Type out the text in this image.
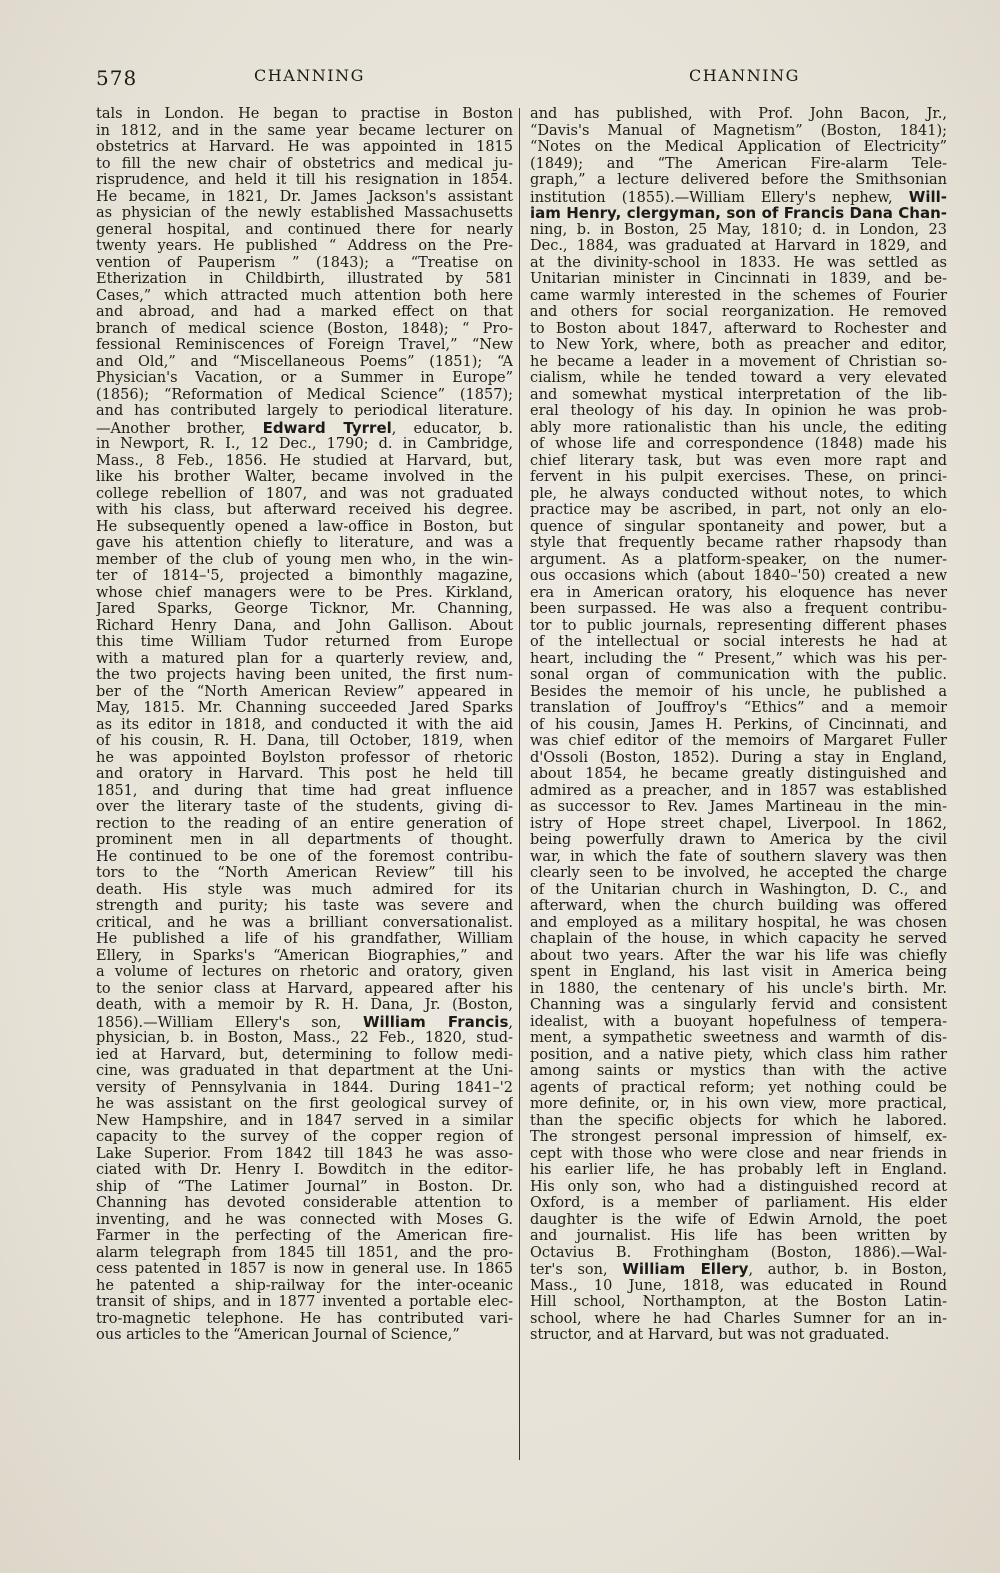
578	CHANNING	CHANNING
tals in London. He began to practise in Boston
in 1812, and in the same year became lecturer on
obstetrics at Harvard. He was appointed in 1815
to fill the new chair of obstetrics and medical ju-
risprudence, and held it till his resignation in 1854.
He became, in 1821, Dr. James Jackson's assistant
as physician of the newly established Massachusetts
general hospital, and continued there for nearly
twenty years. He published “ Address on the Pre-
vention of Pauperism ” (1843); a “Treatise on
Etherization in Childbirth, illustrated by 581
Cases,” which attracted much attention both here
and abroad, and had a marked effect on that
branch of medical science (Boston, 1848); “ Pro-
fessional Reminiscences of Foreign Travel,” “New
and Old,” and “Miscellaneous Poems” (1851); “A
Physician's Vacation, or a Summer in Europe”
(1856); “Reformation of Medical Science” (1857);
and has contributed largely to periodical literature.
—Another brother, Edward Tyrrel, educator, b.
in Newport, R. I., 12 Dec., 1790; d. in Cambridge,
Mass., 8 Feb., 1856. He studied at Harvard, but,
like his brother Walter, became involved in the
college rebellion of 1807, and was not graduated
with his class, but afterward received his degree.
He subsequently opened a law-office in Boston, but
gave his attention chiefly to literature, and was a
member of the club of young men who, in the win-
ter of 1814–'5, projected a bimonthly magazine,
whose chief managers were to be Pres. Kirkland,
Jared Sparks, George Ticknor, Mr. Channing,
Richard Henry Dana, and John Gallison. About
this time William Tudor returned from Europe
with a matured plan for a quarterly review, and,
the two projects having been united, the first num-
ber of the “North American Review” appeared in
May, 1815. Mr. Channing succeeded Jared Sparks
as its editor in 1818, and conducted it with the aid
of his cousin, R. H. Dana, till October, 1819, when
he was appointed Boylston professor of rhetoric
and oratory in Harvard. This post he held till
1851, and during that time had great influence
over the literary taste of the students, giving di-
rection to the reading of an entire generation of
prominent men in all departments of thought.
He continued to be one of the foremost contribu-
tors to the “North American Review” till his
death. His style was much admired for its
strength and purity; his taste was severe and
critical, and he was a brilliant conversationalist.
He published a life of his grandfather, William
Ellery, in Sparks's “American Biographies,” and
a volume of lectures on rhetoric and oratory, given
to the senior class at Harvard, appeared after his
death, with a memoir by R. H. Dana, Jr. (Boston,
1856).—William Ellery's son, William Francis,
physician, b. in Boston, Mass., 22 Feb., 1820, stud-
ied at Harvard, but, determining to follow medi-
cine, was graduated in that department at the Uni-
versity of Pennsylvania in 1844. During 1841–'2
he was assistant on the first geological survey of
New Hampshire, and in 1847 served in a similar
capacity to the survey of the copper region of
Lake Superior. From 1842 till 1843 he was asso-
ciated with Dr. Henry I. Bowditch in the editor-
ship of “The Latimer Journal” in Boston. Dr.
Channing has devoted considerable attention to
inventing, and he was connected with Moses G.
Farmer in the perfecting of the American fire-
alarm telegraph from 1845 till 1851, and the pro-
cess patented in 1857 is now in general use. In 1865
he patented a ship-railway for the inter-oceanic
transit of ships, and in 1877 invented a portable elec-
tro-magnetic telephone. He has contributed vari-
ous articles to the “American Journal of Science,”
and has published, with Prof. John Bacon, Jr.,
“Davis's Manual of Magnetism” (Boston, 1841);
“Notes on the Medical Application of Electricity”
(1849); and “The American Fire-alarm Tele-
graph,” a lecture delivered before the Smithsonian
institution (1855).—William Ellery's nephew, Will-
iam Henry, clergyman, son of Francis Dana Chan-
ning, b. in Boston, 25 May, 1810; d. in London, 23
Dec., 1884, was graduated at Harvard in 1829, and
at the divinity-school in 1833. He was settled as
Unitarian minister in Cincinnati in 1839, and be-
came warmly interested in the schemes of Fourier
and others for social reorganization. He removed
to Boston about 1847, afterward to Rochester and
to New York, where, both as preacher and editor,
he became a leader in a movement of Christian so-
cialism, while he tended toward a very elevated
and somewhat mystical interpretation of the lib-
eral theology of his day. In opinion he was prob-
ably more rationalistic than his uncle, the editing
of whose life and correspondence (1848) made his
chief literary task, but was even more rapt and
fervent in his pulpit exercises. These, on princi-
ple, he always conducted without notes, to which
practice may be ascribed, in part, not only an elo-
quence of singular spontaneity and power, but a
style that frequently became rather rhapsody than
argument. As a platform-speaker, on the numer-
ous occasions which (about 1840–'50) created a new
era in American oratory, his eloquence has never
been surpassed. He was also a frequent contribu-
tor to public journals, representing different phases
of the intellectual or social interests he had at
heart, including the “ Present,” which was his per-
sonal organ of communication with the public.
Besides the memoir of his uncle, he published a
translation of Jouffroy's “Ethics” and a memoir
of his cousin, James H. Perkins, of Cincinnati, and
was chief editor of the memoirs of Margaret Fuller
d'Ossoli (Boston, 1852). During a stay in England,
about 1854, he became greatly distinguished and
admired as a preacher, and in 1857 was established
as successor to Rev. James Martineau in the min-
istry of Hope street chapel, Liverpool. In 1862,
being powerfully drawn to America by the civil
war, in which the fate of southern slavery was then
clearly seen to be involved, he accepted the charge
of the Unitarian church in Washington, D. C., and
afterward, when the church building was offered
and employed as a military hospital, he was chosen
chaplain of the house, in which capacity he served
about two years. After the war his life was chiefly
spent in England, his last visit in America being
in 1880, the centenary of his uncle's birth. Mr.
Channing was a singularly fervid and consistent
idealist, with a buoyant hopefulness of tempera-
ment, a sympathetic sweetness and warmth of dis-
position, and a native piety, which class him rather
among saints or mystics than with the active
agents of practical reform; yet nothing could be
more definite, or, in his own view, more practical,
than the specific objects for which he labored.
The strongest personal impression of himself, ex-
cept with those who were close and near friends in
his earlier life, he has probably left in England.
His only son, who had a distinguished record at
Oxford, is a member of parliament. His elder
daughter is the wife of Edwin Arnold, the poet
and journalist. His life has been written by
Octavius B. Frothingham (Boston, 1886).—Wal-
ter's son, William Ellery, author, b. in Boston,
Mass., 10 June, 1818, was educated in Round
Hill school, Northampton, at the Boston Latin-
school, where he had Charles Sumner for an in-
structor, and at Harvard, but was not graduated.
